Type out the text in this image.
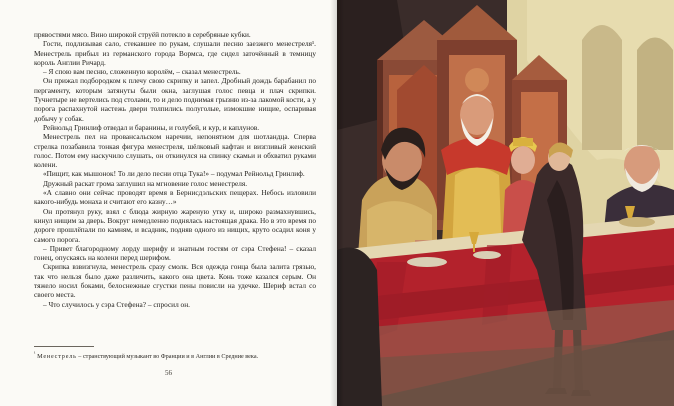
прявостями мясо. Вино широкой струёй потекло в серебряные кубки.

Гости, подлизывая сало, стекавшее по рукам, слушали песню заезжего менестреля¹. Менестрель прибыл из германского города Вормса, где сидел заточённый в темницу король Англии Ричард.

– Я спою вам песню, сложенную королём, – сказал менестрель.

Он прижал подбородком к плечу свою скрипку и запел. Дробный дождь барабанил по пергаменту, которым затянуты были окна, заглушая голос певца и плач скрипки. Тучнетыре не вертелись под столами, то и дело поднимая грызню из-за лакомой кости, а у порога распахнутой настежь двери толпились полуголые, измокшие нищие, оспаривая добычу у собак.

Рейнольд Гринлиф отведал и баранины, и голубей, и кур, и каплунов.

Менестрель пел на провансальском наречии, непонятном для шотландца. Сперва стрелка позабавила тонкая фигура менестреля, шёлковый кафтан и визгливый женский голос. Потом ему наскучило слушать, он откинулся на спинку скамьи и обхватил руками колени.

«Пищит, как мышонок! То ли дело песни отца Тука!» – подумал Рейнольд Гринлиф.

Дружный раскат грома заглушил на мгновение голос менестреля.

«А славно они сейчас проводят время в Бернисдэльских пещерах. Небось изловили какого-нибудь монаха и считают его казну…»

Он протянул руку, взял с блюда жирную жареную утку и, широко размахнувшись, кинул нищим за дверь. Вокруг немедленно поднялась настоящая драка. Но в это время по дороге прошлёпали по камням, и всадник, подняв одного из нищих, круто осадил коня у самого порога.

– Привет благородному лорду шерифу и знатным гостям от сэра Стефена! – сказал гонец, опускаясь на колени перед шерифом.

Скрипка взвизгнула, менестрель сразу смолк. Вся одежда гонца была залита грязью, так что нельзя было даже различить, какого она цвета. Конь тоже казался серым. Он тяжело носил боками, белоснежные сгустки пены повисли на удечке. Шериф встал со своего места.

– Что случилось у сэра Стефена? – спросил он.

$^{^1}$ Менестрель – странствующий музыкант во Франции и в Англии в Средние века.
56
